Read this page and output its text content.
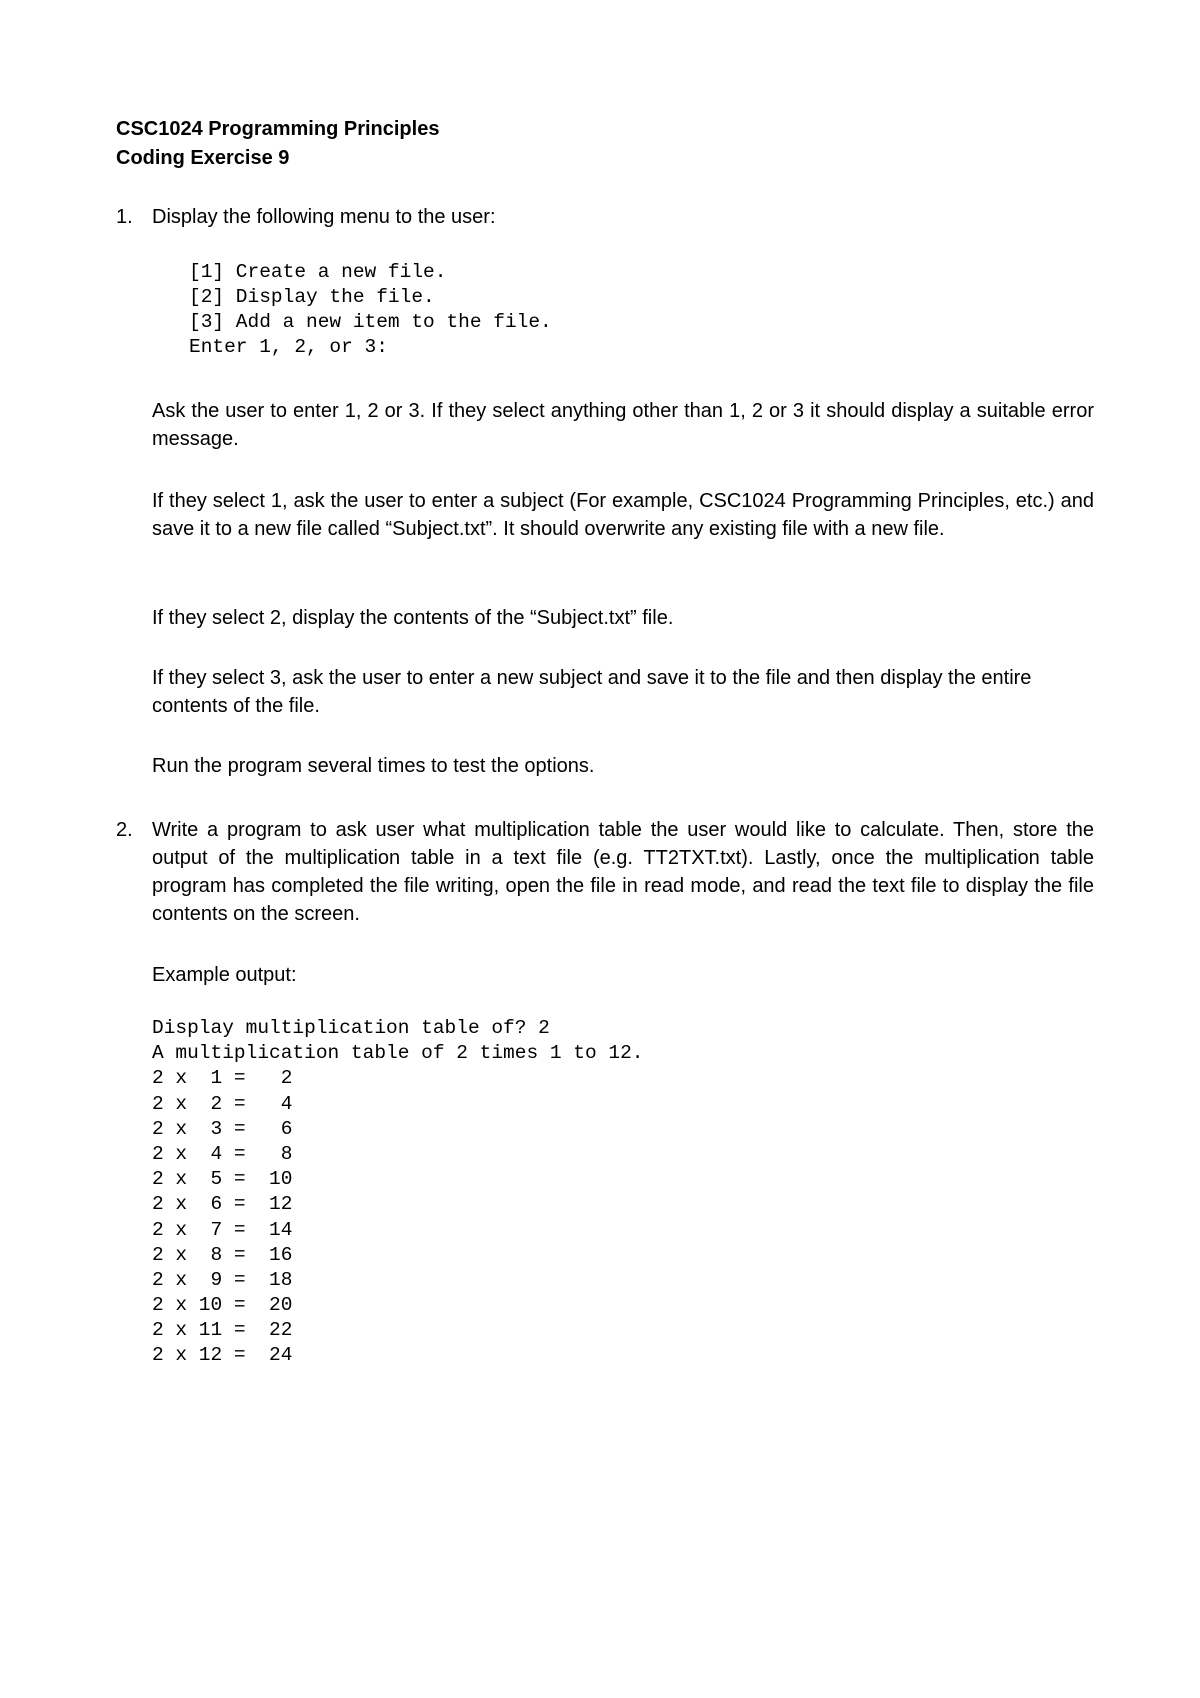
CSC1024 Programming Principles
Coding Exercise 9
1. Display the following menu to the user:
[1] Create a new file.
[2] Display the file.
[3] Add a new item to the file.
Enter 1, 2, or 3:
Ask the user to enter 1, 2 or 3. If they select anything other than 1, 2 or 3 it should display a suitable error message.
If they select 1, ask the user to enter a subject (For example, CSC1024 Programming Principles, etc.) and save it to a new file called “Subject.txt”. It should overwrite any existing file with a new file.
If they select 2, display the contents of the “Subject.txt” file.
If they select 3, ask the user to enter a new subject and save it to the file and then display the entire contents of the file.
Run the program several times to test the options.
2. Write a program to ask user what multiplication table the user would like to calculate. Then, store the output of the multiplication table in a text file (e.g. TT2TXT.txt). Lastly, once the multiplication table program has completed the file writing, open the file in read mode, and read the text file to display the file contents on the screen.
Example output:
Display multiplication table of? 2
A multiplication table of 2 times 1 to 12.
2 x  1 =   2
2 x  2 =   4
2 x  3 =   6
2 x  4 =   8
2 x  5 =  10
2 x  6 =  12
2 x  7 =  14
2 x  8 =  16
2 x  9 =  18
2 x 10 =  20
2 x 11 =  22
2 x 12 =  24
